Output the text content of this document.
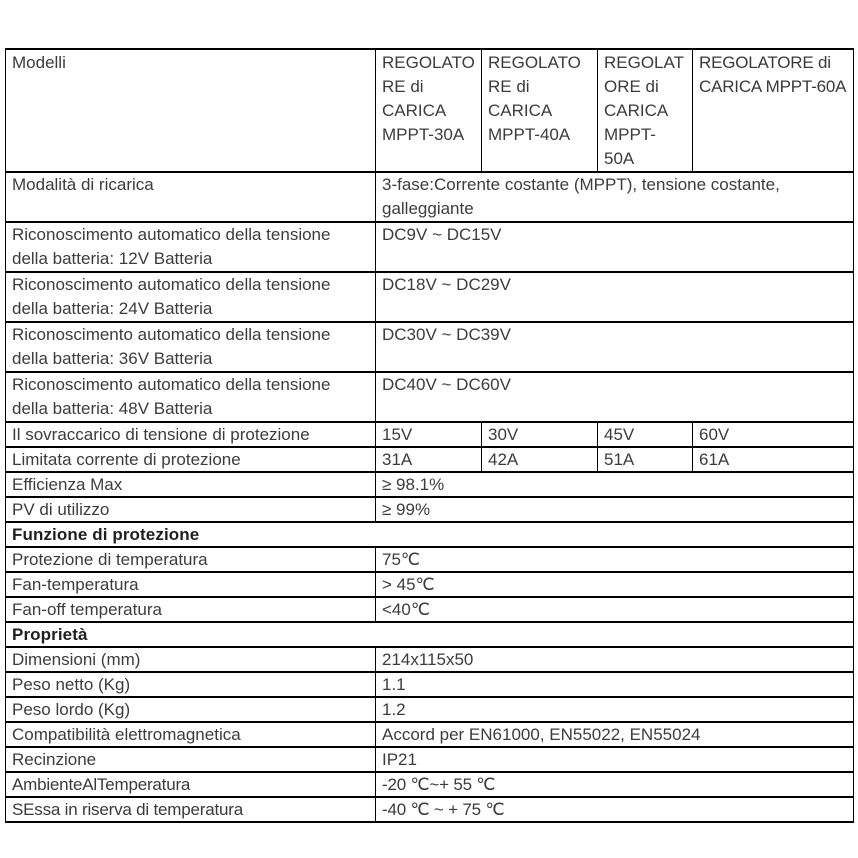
Modelli	REGOLATORE di CARICA MPPT-30A	REGOLATORE di CARICA MPPT-40A	REGOLATORE di CARICA MPPT-50A	REGOLATORE di CARICA MPPT-60A
Modalità di ricarica	3-fase:Corrente costante (MPPT), tensione costante, galleggiante			
Riconoscimento automatico della tensione della batteria: 12V Batteria	DC9V ~ DC15V			
Riconoscimento automatico della tensione della batteria: 24V Batteria	DC18V ~ DC29V			
Riconoscimento automatico della tensione della batteria: 36V Batteria	DC30V ~ DC39V			
Riconoscimento automatico della tensione della batteria: 48V Batteria	DC40V ~ DC60V			
Il sovraccarico di tensione di protezione	15V	30V	45V	60V
Limitata corrente di protezione	31A	42A	51A	61A
Efficienza Max	≥ 98.1%			
PV di utilizzo	≥ 99%			
Funzione di protezione				
Protezione di temperatura	75℃			
Fan-temperatura	> 45℃			
Fan-off temperatura	<40℃			
Proprietà				
Dimensioni (mm)	214x115x50			
Peso netto (Kg)	1.1			
Peso lordo (Kg)	1.2			
Compatibilità elettromagnetica	Accord per EN61000, EN55022, EN55024			
Recinzione	IP21			
AmbienteAlTemperatura	-20 ℃~+ 55 ℃			
SEssa in riserva di temperatura	-40 ℃ ~ + 75 ℃			
